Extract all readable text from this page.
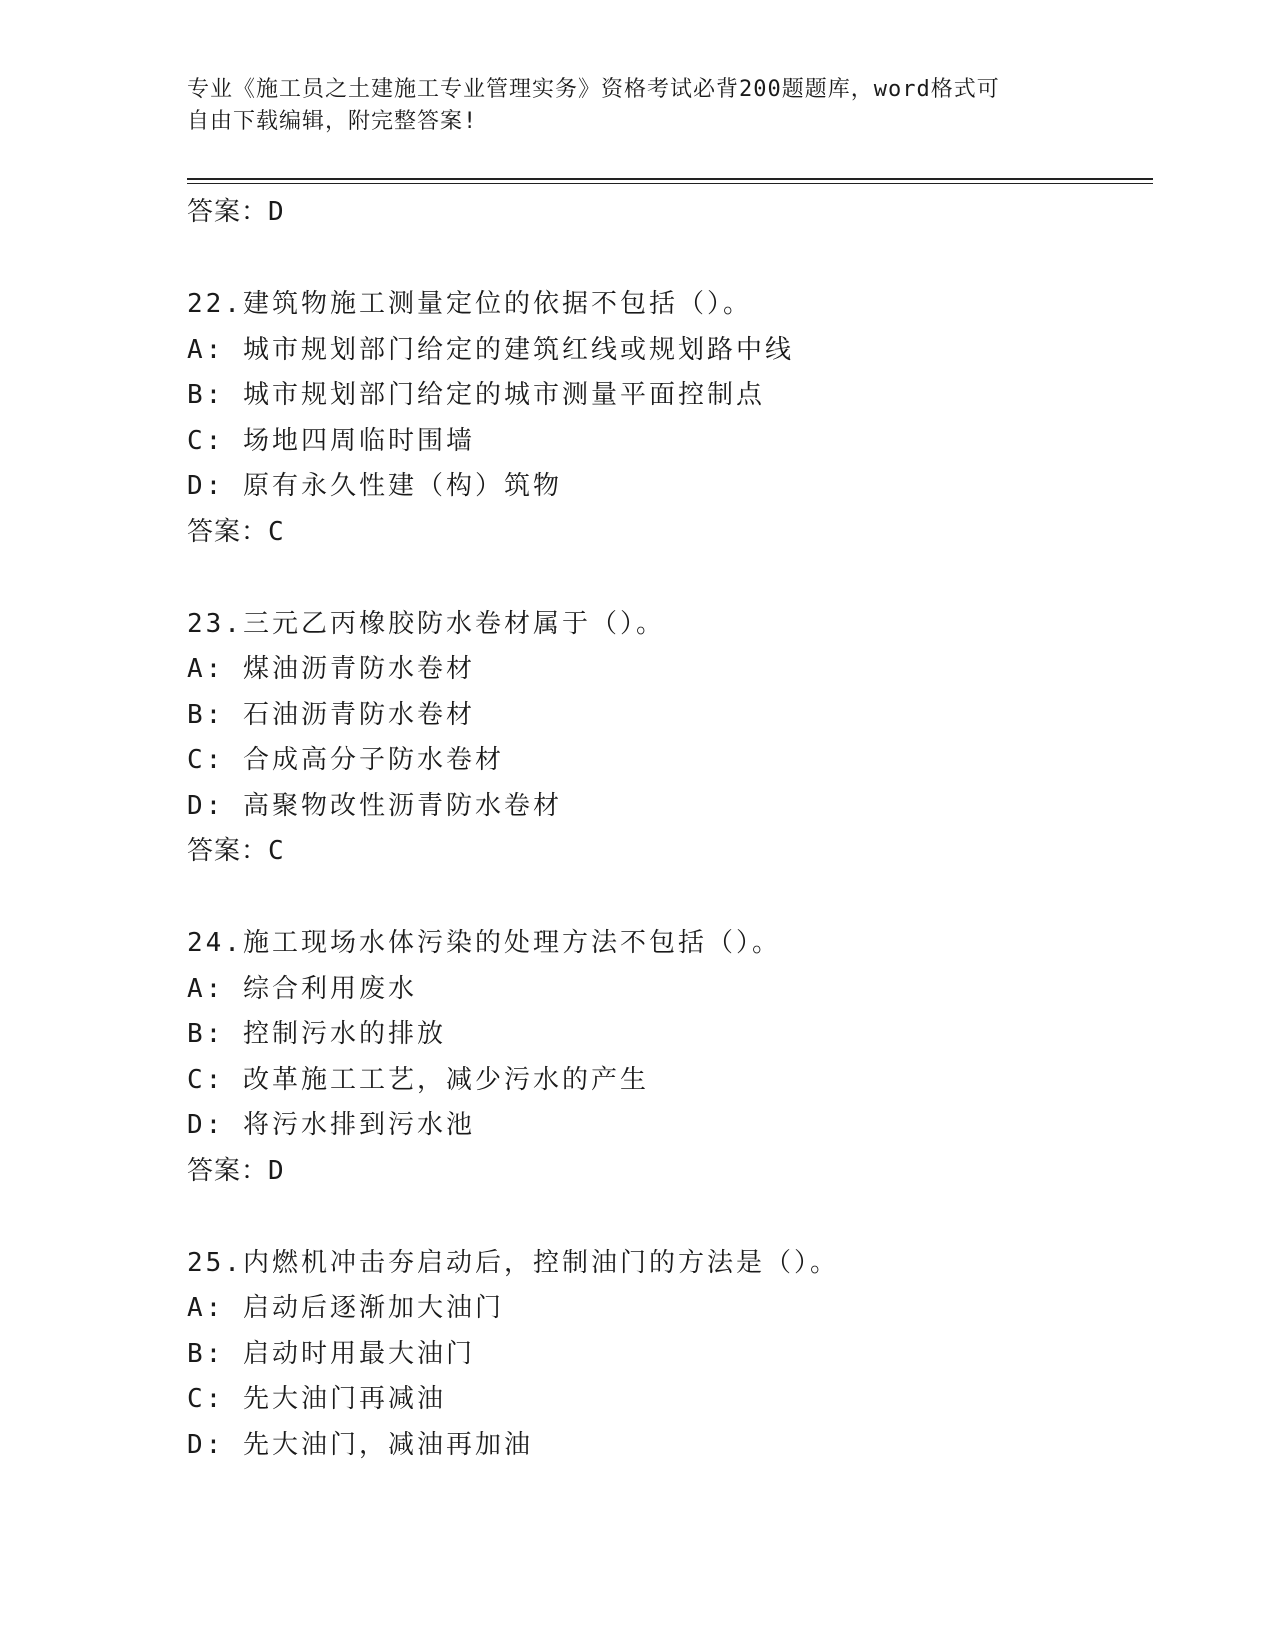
专业《施工员之土建施工专业管理实务》资格考试必背200题题库，word格式可
自由下载编辑，附完整答案!
答案：D
22.建筑物施工测量定位的依据不包括（）。
A: 城市规划部门给定的建筑红线或规划路中线
B: 城市规划部门给定的城市测量平面控制点
C: 场地四周临时围墙
D: 原有永久性建（构）筑物
答案：C
23.三元乙丙橡胶防水卷材属于（）。
A: 煤油沥青防水卷材
B: 石油沥青防水卷材
C: 合成高分子防水卷材
D: 高聚物改性沥青防水卷材
答案：C
24.施工现场水体污染的处理方法不包括（）。
A: 综合利用废水
B: 控制污水的排放
C: 改革施工工艺，减少污水的产生
D: 将污水排到污水池
答案：D
25.内燃机冲击夯启动后，控制油门的方法是（）。
A: 启动后逐渐加大油门
B: 启动时用最大油门
C: 先大油门再减油
D: 先大油门，减油再加油
